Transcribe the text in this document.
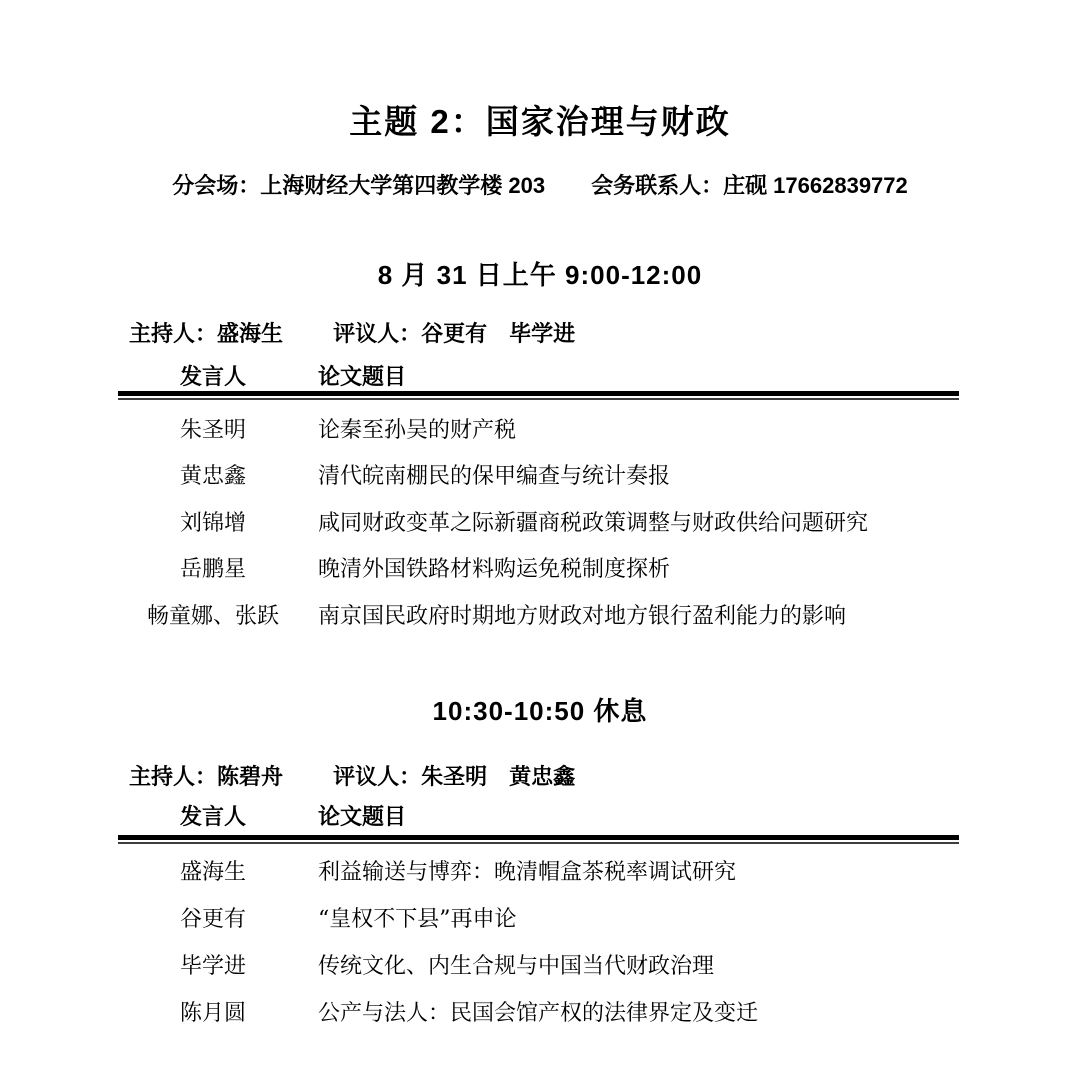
主题 2：国家治理与财政
分会场：上海财经大学第四教学楼 203 会务联系人：庄砚 17662839772
8 月 31 日上午 9:00-12:00
主持人：盛海生 评议人：谷更有　毕学进
发言人	论文题目
朱圣明	论秦至孙吴的财产税
黄忠鑫	清代皖南棚民的保甲编查与统计奏报
刘锦增	咸同财政变革之际新疆商税政策调整与财政供给问题研究
岳鹏星	晚清外国铁路材料购运免税制度探析
畅童娜、张跃	南京国民政府时期地方财政对地方银行盈利能力的影响
10:30-10:50 休息
主持人：陈碧舟 评议人：朱圣明　黄忠鑫
发言人	论文题目
盛海生	利益输送与博弈：晚清帽盒茶税率调试研究
谷更有	“皇权不下县”再申论
毕学进	传统文化、内生合规与中国当代财政治理
陈月圆	公产与法人：民国会馆产权的法律界定及变迁
